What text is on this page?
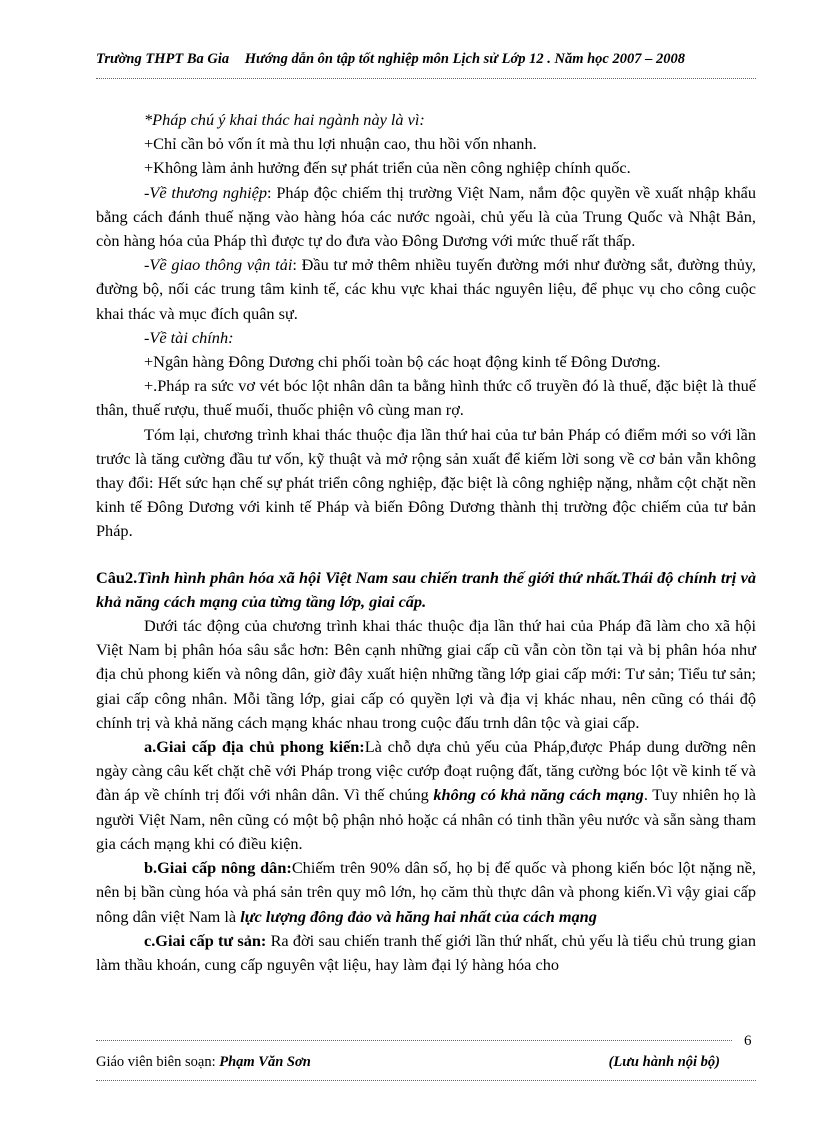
Trường THPT Ba Gia Hướng dẫn ôn tập tốt nghiệp môn Lịch sử Lớp 12 . Năm học 2007 – 2008

*Pháp chú ý khai thác hai ngành này là vì:

+Chỉ cần bỏ vốn ít mà thu lợi nhuận cao, thu hồi vốn nhanh.

+Không làm ảnh hưởng đến sự phát triển của nền công nghiệp chính quốc.

-Về thương nghiệp: Pháp độc chiếm thị trường Việt Nam, nắm độc quyền về xuất nhập khẩu bằng cách đánh thuế nặng vào hàng hóa các nước ngoài, chủ yếu là của Trung Quốc và Nhật Bản, còn hàng hóa của Pháp thì được tự do đưa vào Đông Dương với mức thuế rất thấp.

-Về giao thông vận tải: Đầu tư mở thêm nhiều tuyến đường mới như đường sắt, đường thủy, đường bộ, nối các trung tâm kinh tế, các khu vực khai thác nguyên liệu, để phục vụ cho công cuộc khai thác và mục đích quân sự.

-Về tài chính:

+Ngân hàng Đông Dương chi phối toàn bộ các hoạt động kinh tế Đông Dương.

+.Pháp ra sức vơ vét bóc lột nhân dân ta bằng hình thức cổ truyền đó là thuế, đặc biệt là thuế thân, thuế rượu, thuế muối, thuốc phiện vô cùng man rợ.

Tóm lại, chương trình khai thác thuộc địa lần thứ hai của tư bản Pháp có điểm mới so với lần trước là tăng cường đầu tư vốn, kỹ thuật và mở rộng sản xuất để kiếm lời song về cơ bản vẫn không thay đổi: Hết sức hạn chế sự phát triển công nghiệp, đặc biệt là công nghiệp nặng, nhằm cột chặt nền kinh tế Đông Dương với kinh tế Pháp và biến Đông Dương thành thị trường độc chiếm của tư bản Pháp.

Câu2.Tình hình phân hóa xã hội Việt Nam sau chiến tranh thế giới thứ nhất.Thái độ chính trị và khả năng cách mạng của từng tầng lớp, giai cấp.

Dưới tác động của chương trình khai thác thuộc địa lần thứ hai của Pháp đã làm cho xã hội Việt Nam bị phân hóa sâu sắc hơn: Bên cạnh những giai cấp cũ vẫn còn tồn tại và bị phân hóa như địa chủ phong kiến và nông dân, giờ đây xuất hiện những tầng lớp giai cấp mới: Tư sản; Tiểu tư sản; giai cấp công nhân. Mỗi tầng lớp, giai cấp có quyền lợi và địa vị khác nhau, nên cũng có thái độ chính trị và khả năng cách mạng khác nhau trong cuộc đấu trnh dân tộc và giai cấp.

a.Giai cấp địa chủ phong kiến:Là chỗ dựa chủ yếu của Pháp,được Pháp dung dưỡng nên ngày càng câu kết chặt chẽ với Pháp trong việc cướp đoạt ruộng đất, tăng cường bóc lột về kinh tế và đàn áp về chính trị đối với nhân dân. Vì thế chúng không có khả năng cách mạng. Tuy nhiên họ là người Việt Nam, nên cũng có một bộ phận nhỏ hoặc cá nhân có tinh thần yêu nước và sẵn sàng tham gia cách mạng khi có điều kiện.

b.Giai cấp nông dân:Chiếm trên 90% dân số, họ bị đế quốc và phong kiến bóc lột nặng nề, nên bị bần cùng hóa và phá sản trên quy mô lớn, họ căm thù thực dân và phong kiến.Vì vậy giai cấp nông dân việt Nam là lực lượng đông đảo và hăng hai nhất của cách mạng

c.Giai cấp tư sản: Ra đời sau chiến tranh thế giới lần thứ nhất, chủ yếu là tiểu chủ trung gian làm thầu khoán, cung cấp nguyên vật liệu, hay làm đại lý hàng hóa cho

6
Giáo viên biên soạn: Phạm Văn Sơn	(Lưu hành nội bộ)
